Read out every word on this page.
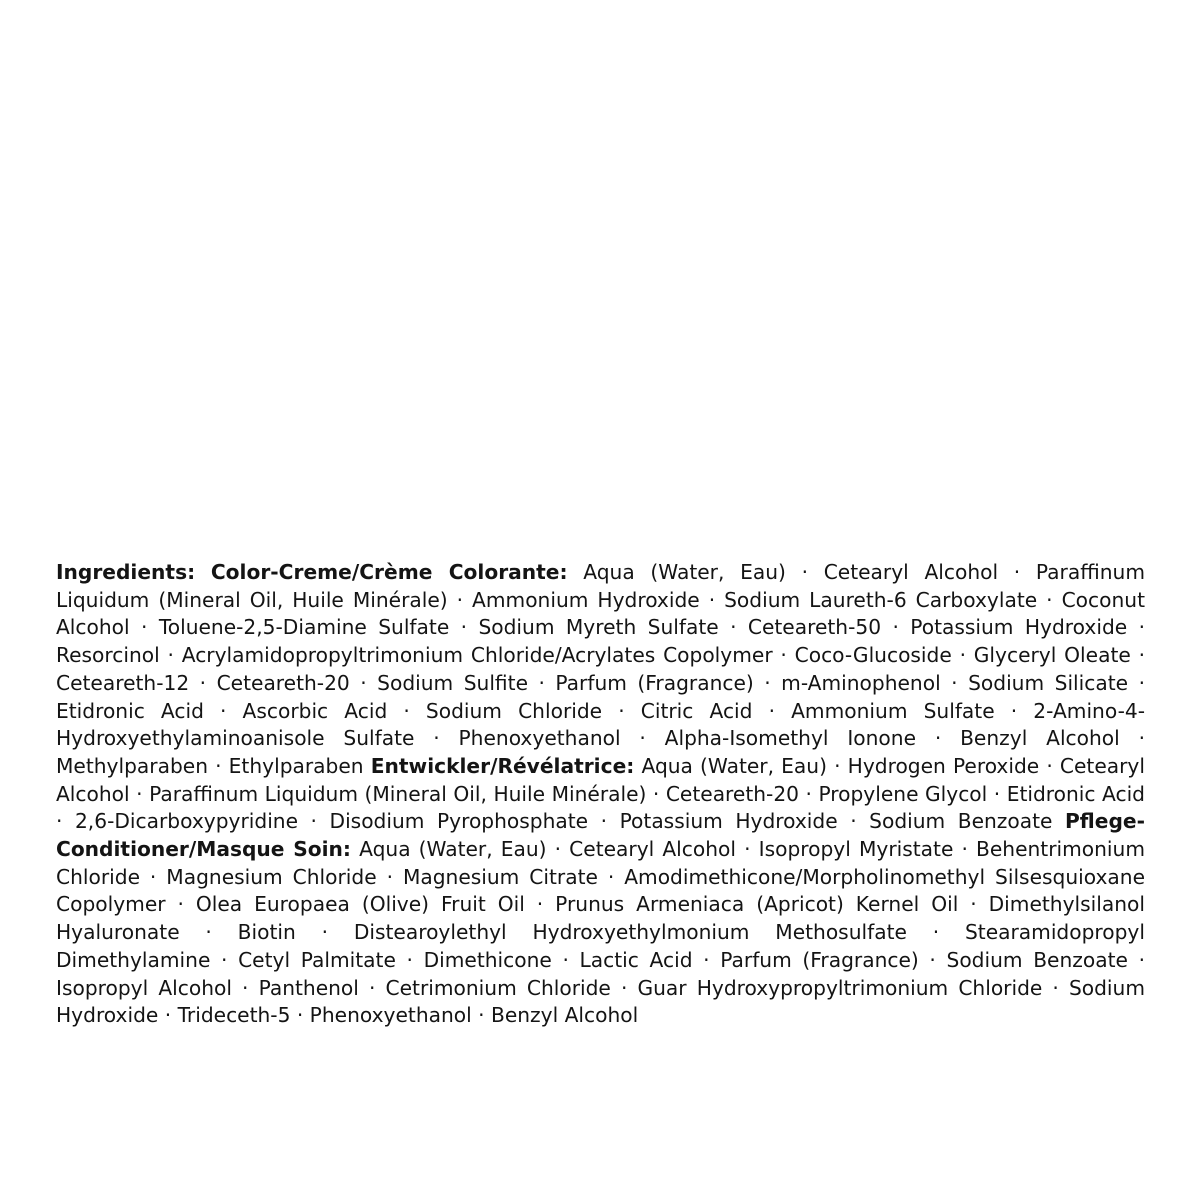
Ingredients: Color-Creme/Crème Colorante: Aqua (Water, Eau) · Cetearyl Alcohol · Paraffinum Liquidum (Mineral Oil, Huile Minérale) · Ammonium Hydroxide · Sodium Laureth-6 Carboxylate · Coconut Alcohol · Toluene-2,5-Diamine Sulfate · Sodium Myreth Sulfate · Ceteareth-50 · Potassium Hydroxide · Resorcinol · Acrylamidopropyltrimonium Chloride/Acrylates Copolymer · Coco-Glucoside · Glyceryl Oleate · Ceteareth-12 · Ceteareth-20 · Sodium Sulfite · Parfum (Fragrance) · m-Aminophenol · Sodium Silicate · Etidronic Acid · Ascorbic Acid · Sodium Chloride · Citric Acid · Ammonium Sulfate · 2-Amino-4-Hydroxyethylaminoanisole Sulfate · Phenoxyethanol · Alpha-Isomethyl Ionone · Benzyl Alcohol · Methylparaben · Ethylparaben Entwickler/Révélatrice: Aqua (Water, Eau) · Hydrogen Peroxide · Cetearyl Alcohol · Paraffinum Liquidum (Mineral Oil, Huile Minérale) · Ceteareth-20 · Propylene Glycol · Etidronic Acid · 2,6-Dicarboxypyridine · Disodium Pyrophosphate · Potassium Hydroxide · Sodium Benzoate Pflege-Conditioner/Masque Soin: Aqua (Water, Eau) · Cetearyl Alcohol · Isopropyl Myristate · Behentrimonium Chloride · Magnesium Chloride · Magnesium Citrate · Amodimethicone/Morpholinomethyl Silsesquioxane Copolymer · Olea Europaea (Olive) Fruit Oil · Prunus Armeniaca (Apricot) Kernel Oil · Dimethylsilanol Hyaluronate · Biotin · Distearoylethyl Hydroxyethylmonium Methosulfate · Stearamidopropyl Dimethylamine · Cetyl Palmitate · Dimethicone · Lactic Acid · Parfum (Fragrance) · Sodium Benzoate · Isopropyl Alcohol · Panthenol · Cetrimonium Chloride · Guar Hydroxypropyltrimonium Chloride · Sodium Hydroxide · Trideceth-5 · Phenoxyethanol · Benzyl Alcohol
